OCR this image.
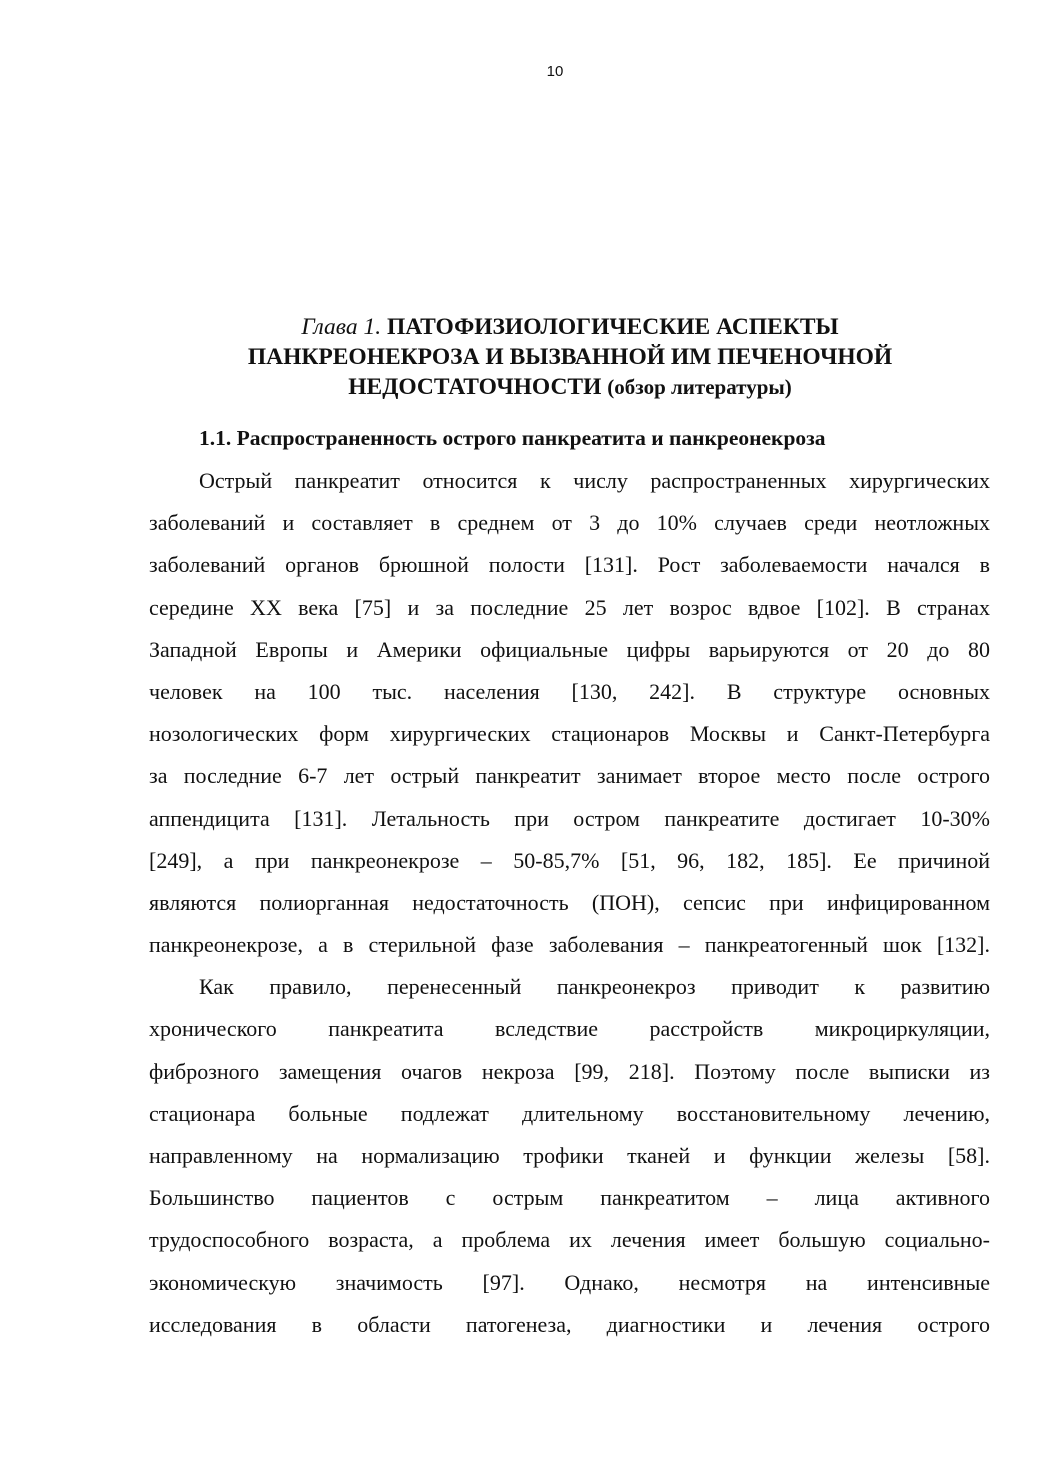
10
Глава 1. ПАТОФИЗИОЛОГИЧЕСКИЕ АСПЕКТЫ
ПАНКРЕОНЕКРОЗА И ВЫЗВАННОЙ ИМ ПЕЧЕНОЧНОЙ
НЕДОСТАТОЧНОСТИ (обзор литературы)
1.1. Распространенность острого панкреатита и панкреонекроза
Острый панкреатит относится к числу распространенных хирургических
заболеваний и составляет в среднем от 3 до 10% случаев среди неотложных
заболеваний органов брюшной полости [131]. Рост заболеваемости начался в
середине XX века [75] и за последние 25 лет возрос вдвое [102]. В странах
Западной Европы и Америки официальные цифры варьируются от 20 до 80
человек на 100 тыс. населения [130, 242]. В структуре основных
нозологических форм хирургических стационаров Москвы и Санкт-Петербурга
за последние 6-7 лет острый панкреатит занимает второе место после острого
аппендицита [131]. Летальность при остром панкреатите достигает 10-30%
[249], а при панкреонекрозе – 50-85,7% [51, 96, 182, 185]. Ее причиной
являются полиорганная недостаточность (ПОН), сепсис при инфицированном
панкреонекрозе, а в стерильной фазе заболевания – панкреатогенный шок [132].
Как правило, перенесенный панкреонекроз приводит к развитию
хронического панкреатита вследствие расстройств микроциркуляции,
фиброзного замещения очагов некроза [99, 218]. Поэтому после выписки из
стационара больные подлежат длительному восстановительному лечению,
направленному на нормализацию трофики тканей и функции железы [58].
Большинство пациентов с острым панкреатитом – лица активного
трудоспособного возраста, а проблема их лечения имеет большую социально-
экономическую значимость [97]. Однако, несмотря на интенсивные
исследования в области патогенеза, диагностики и лечения острого
